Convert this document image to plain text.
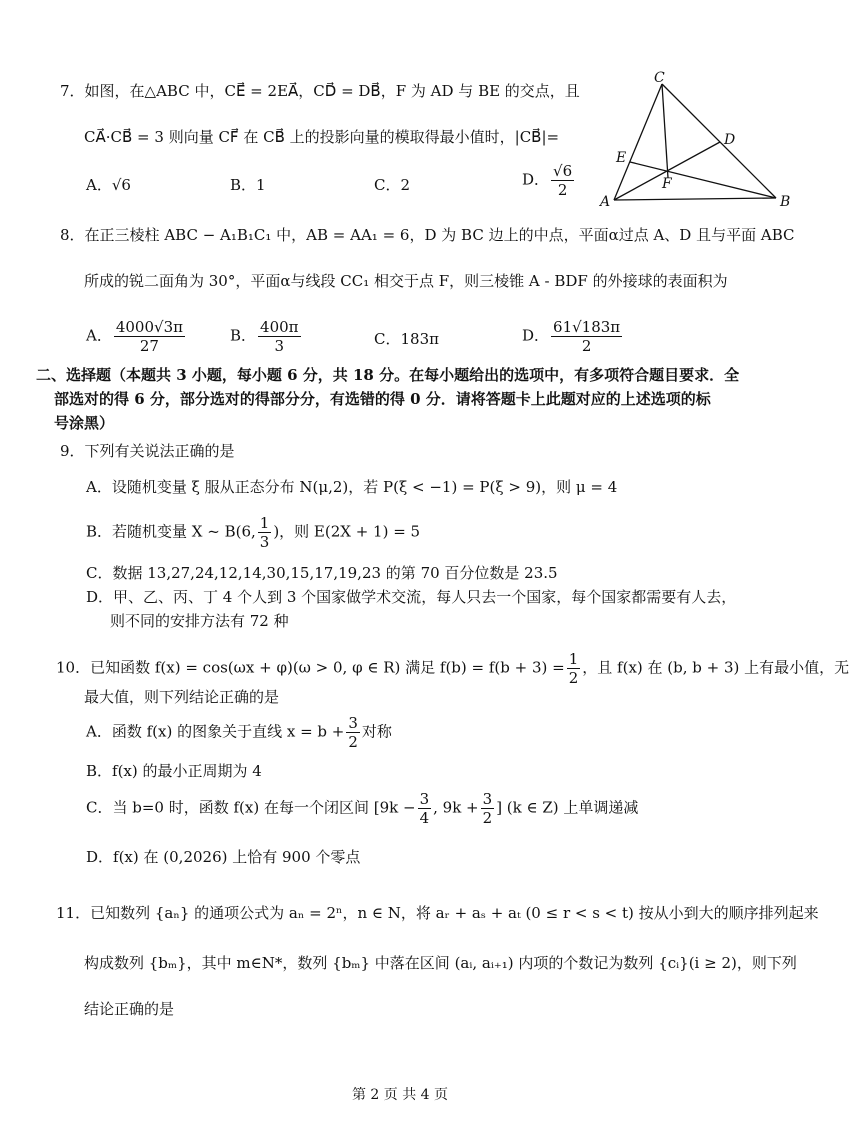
7．如图，在△ABC 中，CE⃗ = 2EA⃗，CD⃗ = DB⃗，F 为 AD 与 BE 的交点，且
CA⃗·CB⃗ = 3 则向量 CF⃗ 在 CB⃗ 上的投影向量的模取得最小值时，|CB⃗|=
A．√6	B．1	C．2	D． $\frac{√6}{2}$
C
D
E
F
A	B
8．在正三棱柱 ABC − A₁B₁C₁ 中，AB = AA₁ = 6，D 为 BC 边上的中点，平面α过点 A、D 且与平面 ABC
所成的锐二面角为 30°，平面α与线段 CC₁ 相交于点 F，则三棱锥 A - BDF 的外接球的表面积为
A． $\frac{4000√3\pi}{27}$	B． $\frac{400\pi}{3}$	C．183π	D． $\frac{61√183\pi}{2}$
二、选择题（本题共 3 小题，每小题 6 分，共 18 分。在每小题给出的选项中，有多项符合题目要求．全
部选对的得 6 分，部分选对的得部分分，有选错的得 0 分．请将答题卡上此题对应的上述选项的标
号涂黑）
9．下列有关说法正确的是
A．设随机变量 ξ 服从正态分布 N(μ,2)，若 P(ξ < −1) = P(ξ > 9)，则 μ = 4
B．若随机变量 X ~ B(6, $\frac{1}{3}$ )，则 E(2X + 1) = 5
C．数据 13,27,24,12,14,30,15,17,19,23 的第 70 百分位数是 23.5
D．甲、乙、丙、丁 4 个人到 3 个国家做学术交流，每人只去一个国家，每个国家都需要有人去，
则不同的安排方法有 72 种
10．已知函数 f(x) = cos(ωx + φ)(ω > 0, φ ∈ R) 满足 $f(b) = f(b + 3) = \frac{1}{2}$ ，且 f(x) 在 (b, b + 3) 上有最小值，无
最大值，则下列结论正确的是
A．函数 f(x) 的图象关于直线 $x = b + \frac{3}{2}$ 对称
B．f(x) 的最小正周期为 4
C．当 b=0 时，函数 f(x) 在每一个闭区间 [$9k - \frac{3}{4}$ , $9k + \frac{3}{2}$ ] (k ∈ Z) 上单调递减
D．f(x) 在 (0,2026) 上恰有 900 个零点
11．已知数列 {aₙ} 的通项公式为 aₙ = 2ⁿ，n ∈ N，将 aᵣ + aₛ + aₜ (0 ≤ r < s < t) 按从小到大的顺序排列起来
构成数列 {bₘ}，其中 m∈N*，数列 {bₘ} 中落在区间 (aᵢ, aᵢ₊₁) 内项的个数记为数列 {cᵢ}(i ≥ 2)，则下列
结论正确的是
第 2 页 共 4 页
